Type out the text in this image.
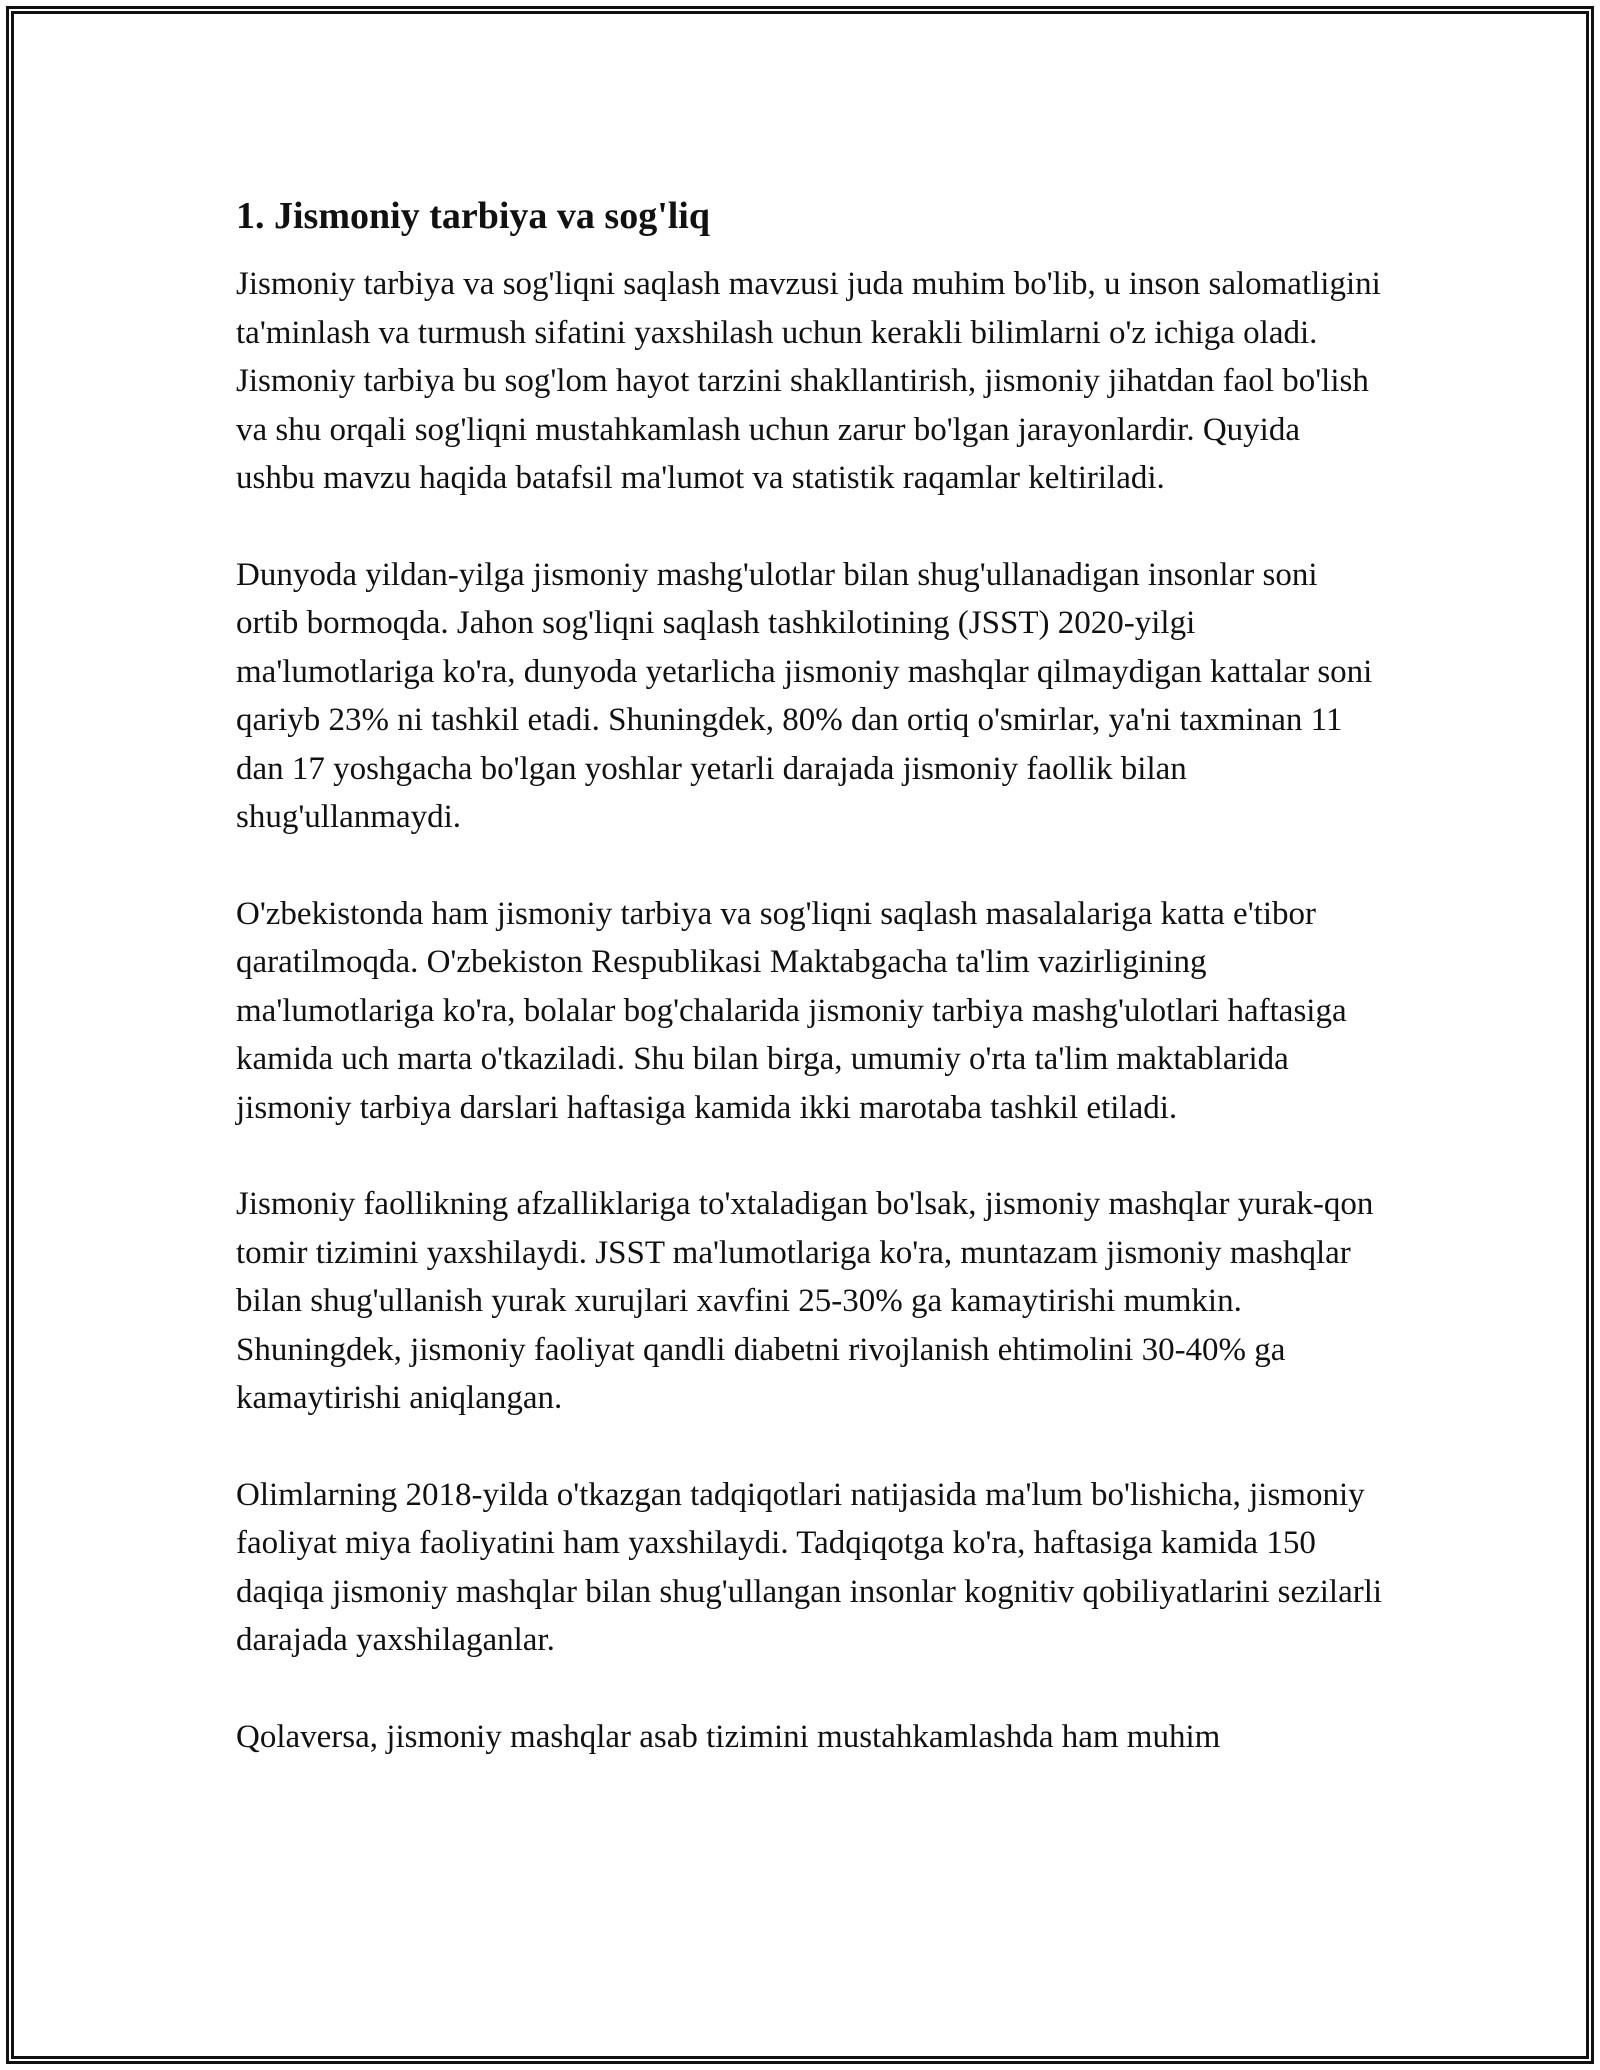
1. Jismoniy tarbiya va sog'liq

Jismoniy tarbiya va sog'liqni saqlash mavzusi juda muhim bo'lib, u inson salomatligini ta'minlash va turmush sifatini yaxshilash uchun kerakli bilimlarni o'z ichiga oladi. Jismoniy tarbiya bu sog'lom hayot tarzini shakllantirish, jismoniy jihatdan faol bo'lish va shu orqali sog'liqni mustahkamlash uchun zarur bo'lgan jarayonlardir. Quyida ushbu mavzu haqida batafsil ma'lumot va statistik raqamlar keltiriladi.

Dunyoda yildan-yilga jismoniy mashg'ulotlar bilan shug'ullanadigan insonlar soni ortib bormoqda. Jahon sog'liqni saqlash tashkilotining (JSST) 2020-yilgi ma'lumotlariga ko'ra, dunyoda yetarlicha jismoniy mashqlar qilmaydigan kattalar soni qariyb 23% ni tashkil etadi. Shuningdek, 80% dan ortiq o'smirlar, ya'ni taxminan 11 dan 17 yoshgacha bo'lgan yoshlar yetarli darajada jismoniy faollik bilan shug'ullanmaydi.

O'zbekistonda ham jismoniy tarbiya va sog'liqni saqlash masalalariga katta e'tibor qaratilmoqda. O'zbekiston Respublikasi Maktabgacha ta'lim vazirligining ma'lumotlariga ko'ra, bolalar bog'chalarida jismoniy tarbiya mashg'ulotlari haftasiga kamida uch marta o'tkaziladi. Shu bilan birga, umumiy o'rta ta'lim maktablarida jismoniy tarbiya darslari haftasiga kamida ikki marotaba tashkil etiladi.

Jismoniy faollikning afzalliklariga to'xtaladigan bo'lsak, jismoniy mashqlar yurak-qon tomir tizimini yaxshilaydi. JSST ma'lumotlariga ko'ra, muntazam jismoniy mashqlar bilan shug'ullanish yurak xurujlari xavfini 25-30% ga kamaytirishi mumkin. Shuningdek, jismoniy faoliyat qandli diabetni rivojlanish ehtimolini 30-40% ga kamaytirishi aniqlangan.

Olimlarning 2018-yilda o'tkazgan tadqiqotlari natijasida ma'lum bo'lishicha, jismoniy faoliyat miya faoliyatini ham yaxshilaydi. Tadqiqotga ko'ra, haftasiga kamida 150 daqiqa jismoniy mashqlar bilan shug'ullangan insonlar kognitiv qobiliyatlarini sezilarli darajada yaxshilaganlar.

Qolaversa, jismoniy mashqlar asab tizimini mustahkamlashda ham muhim
